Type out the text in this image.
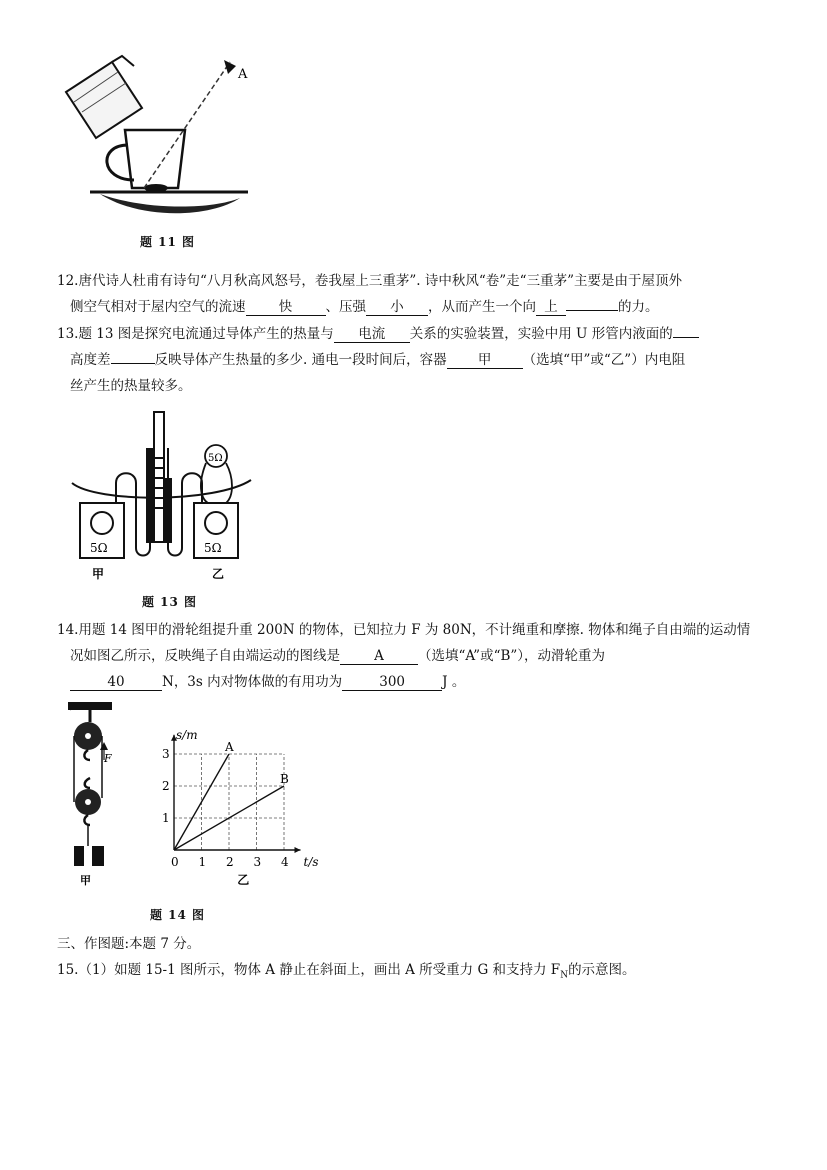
A
题 11 图
12.唐代诗人杜甫有诗句“八月秋高风怒号，卷我屋上三重茅”. 诗中秋风“卷”走“三重茅”主要是由于屋顶外
侧空气相对于屋内空气的流速 快 、压强 小 ，从而产生一个向 上	的力。
13.题 13 图是探究电流通过导体产生的热量与 电流 关系的实验装置，实验中用 U 形管内液面的
高度差	反映导体产生热量的多少. 通电一段时间后，容器 甲 （选填“甲”或“乙”）内电阻
丝产生的热量较多。
5Ω
5Ω	5Ω
甲	乙
题 13 图
14.用题 14 图甲的滑轮组提升重 200N 的物体，已知拉力 F 为 80N，不计绳重和摩擦. 物体和绳子自由端的运动情
况如图乙所示，反映绳子自由端运动的图线是	A	（选填“A”或“B”），动滑轮重为
40	N，3s 内对物体做的有用功为	300	J 。
F
甲
0 1 2 3 4
1
2
3
t/s
s/m
A
B
乙
题 14 图
三、作图题:本题 7 分。
15.（1）如题 15-1 图所示，物体 A 静止在斜面上，画出 A 所受重力 G 和支持力 $F_N$的示意图。
